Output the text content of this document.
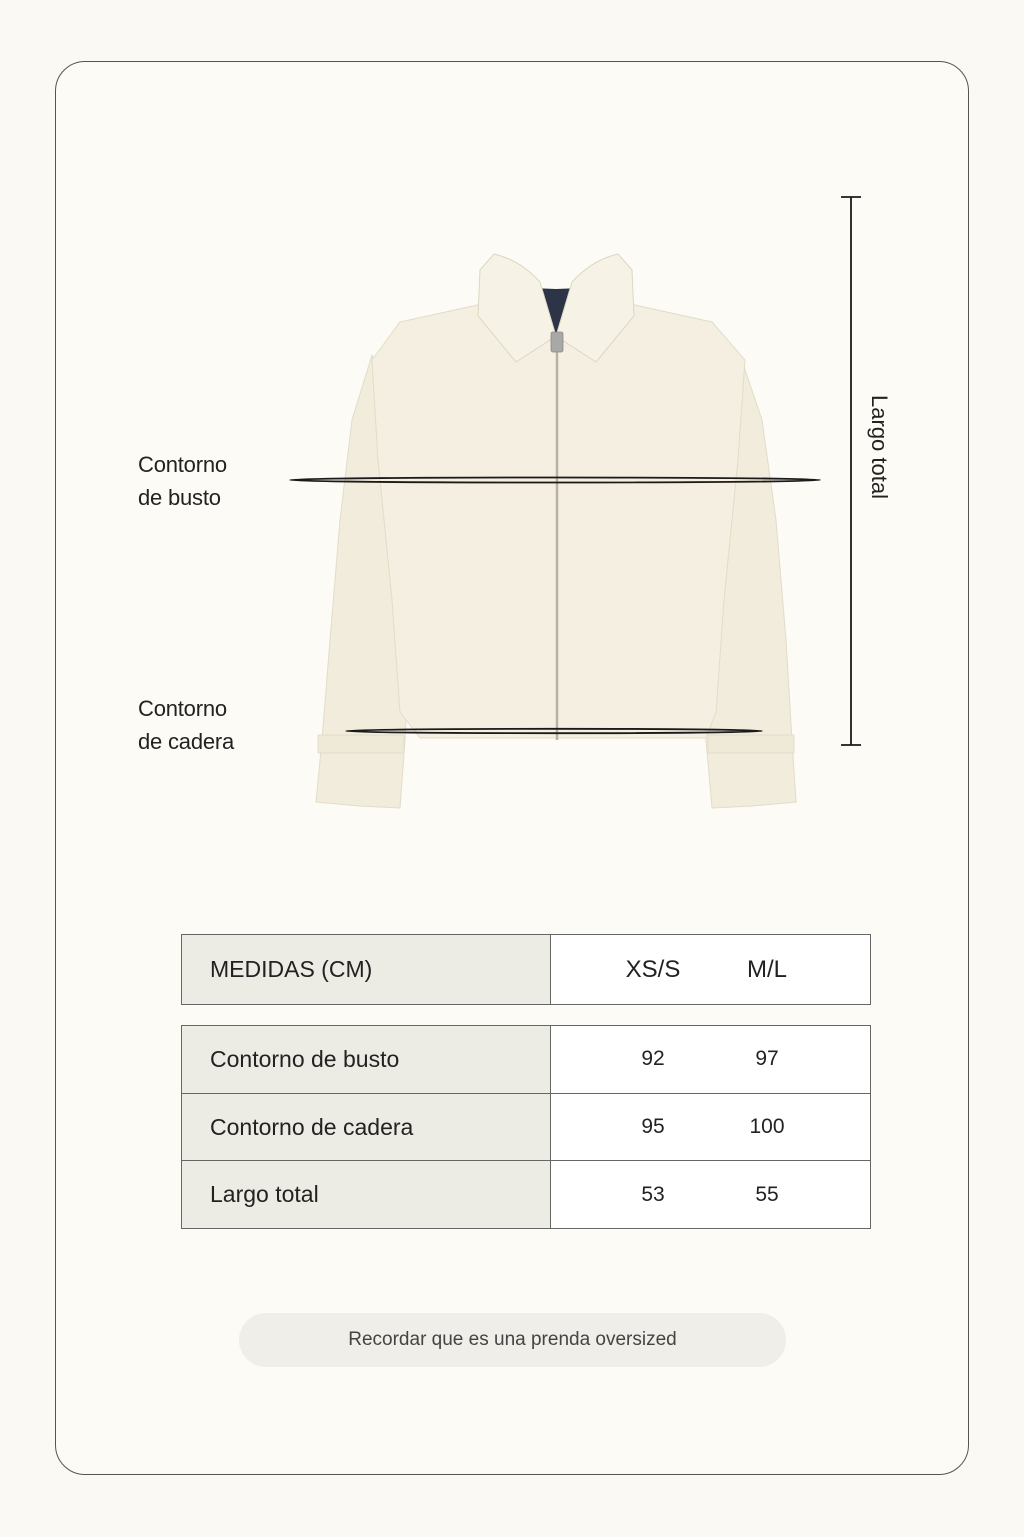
Contorno
de busto
Contorno
de cadera
Largo total
MEDIDAS (CM)	XS/S	M/L
Contorno de busto	92 97

Contorno de cadera	95 100

Largo total	53 55
Recordar que es una prenda oversized
